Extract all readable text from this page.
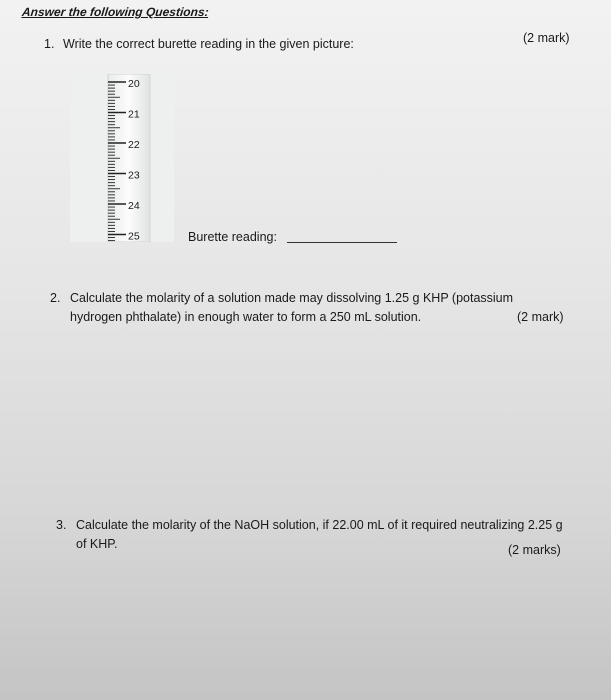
Answer the following Questions:
1. Write the correct burette reading in the given picture:	(2 mark)
20
21
22
23
24
25	Burette reading:
2. Calculate the molarity of a solution made may dissolving 1.25 g KHP (potassium
hydrogen phthalate) in enough water to form a 250 mL solution.	(2 mark)
3. Calculate the molarity of the NaOH solution, if 22.00 mL of it required neutralizing 2.25 g
of KHP.	(2 marks)
